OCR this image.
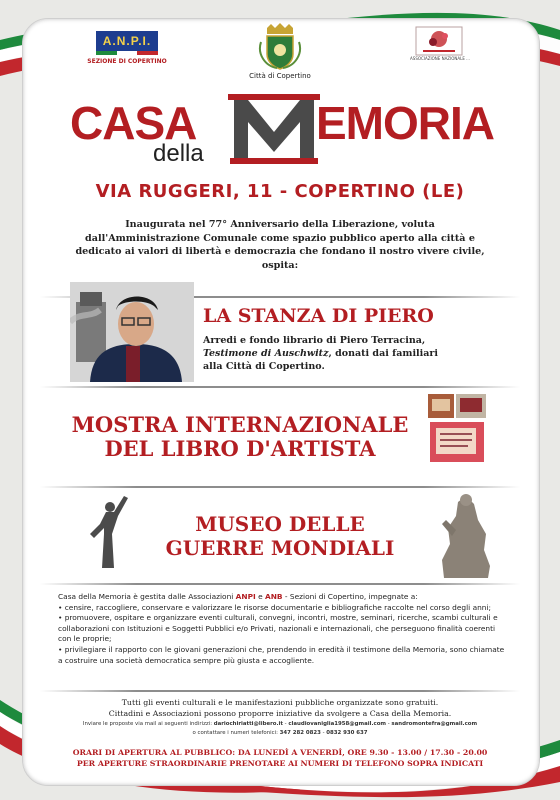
A.N.P.I.
SEZIONE DI COPERTINO
Città di Copertino
ASSOCIAZIONE NAZIONALE ...
CASA
della
EMORIA
VIA RUGGERI, 11 - COPERTINO (LE)
Inaugurata nel 77° Anniversario della Liberazione, voluta dall'Amministrazione Comunale come spazio pubblico aperto alla città e dedicato ai valori di libertà e democrazia che fondano il nostro vivere civile, ospita:
LA STANZA DI PIERO
Arredi e fondo librario di Piero Terracina,
Testimone di Auschwitz, donati dai familiari
alla Città di Copertino.
MOSTRA INTERNAZIONALE
DEL LIBRO D'ARTISTA
MUSEO DELLE
GUERRE MONDIALI

Casa della Memoria è gestita dalle Associazioni ANPI e ANB - Sezioni di Copertino, impegnate a:

• censire, raccogliere, conservare e valorizzare le risorse documentarie e bibliografiche raccolte nel corso degli anni;

• promuovere, ospitare e organizzare eventi culturali, convegni, incontri, mostre, seminari, ricerche, scambi culturali e collaborazioni con Istituzioni e Soggetti Pubblici e/o Privati, nazionali e internazionali, che perseguono finalità coerenti con le proprie;

• privilegiare il rapporto con le giovani generazioni che, prendendo in eredità il testimone della Memoria, sono chiamate a costruire una società democratica sempre più giusta e accogliente.

Tutti gli eventi culturali e le manifestazioni pubbliche organizzate sono gratuiti.
Cittadini e Associazioni possono proporre iniziative da svolgere a Casa della Memoria.
Inviare le proposte via mail ai seguenti indirizzi: dariochiriatti@libero.it - claudiovaniglia1958@gmail.com - sandromontefra@gmail.com
o contattare i numeri telefonici: 347 282 0823 - 0832 930 637
ORARI DI APERTURA AL PUBBLICO: DA LUNEDÌ A VENERDÌ, ORE 9.30 - 13.00 / 17.30 - 20.00
PER APERTURE STRAORDINARIE PRENOTARE AI NUMERI DI TELEFONO SOPRA INDICATI
